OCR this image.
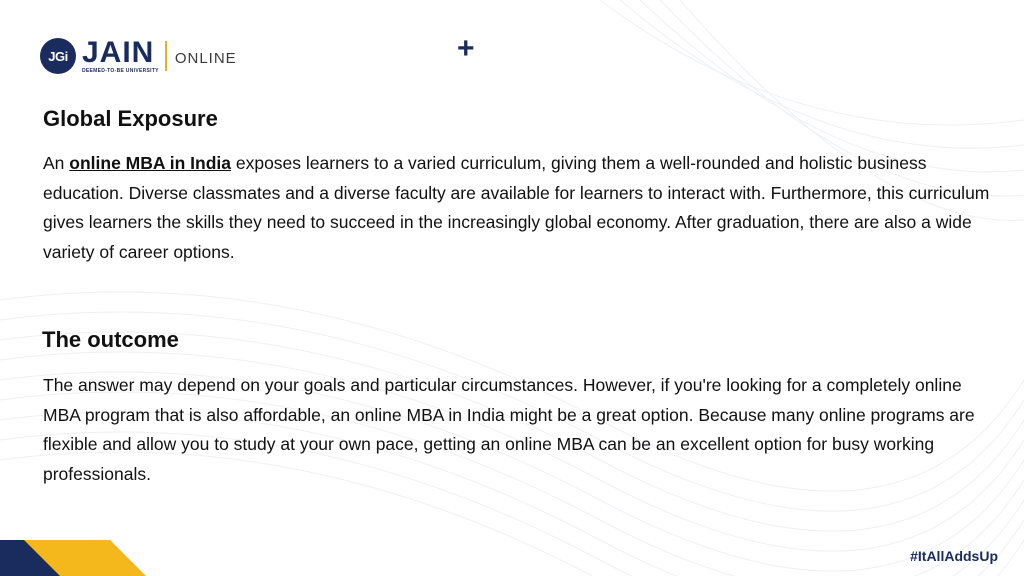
JGi JAIN
DEEMED-TO-BE UNIVERSITY
ONLINE	+
Global Exposure

An online MBA in India exposes learners to a varied curriculum, giving them a well-rounded and holistic business education. Diverse classmates and a diverse faculty are available for learners to interact with. Furthermore, this curriculum gives learners the skills they need to succeed in the increasingly global economy. After graduation, there are also a wide variety of career options.

The outcome

The answer may depend on your goals and particular circumstances. However, if you're looking for a completely online MBA program that is also affordable, an online MBA in India might be a great option. Because many online programs are flexible and allow you to study at your own pace, getting an online MBA can be an excellent option for busy working professionals.

#ItAllAddsUp
